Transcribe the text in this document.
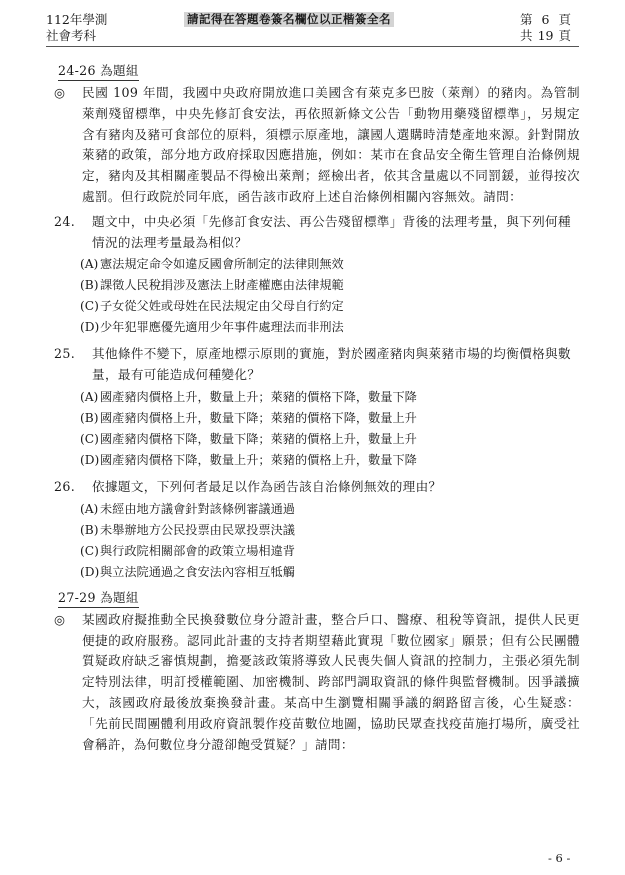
112年學測
社會考科
請記得在答題卷簽名欄位以正楷簽全名	第 6 頁
共 19 頁
24-26 為題組
◎ 民國 109 年間，我國中央政府開放進口美國含有萊克多巴胺（萊劑）的豬肉。為管制萊劑殘留標準，中央先修訂食安法，再依照新條文公告「動物用藥殘留標準」，另規定含有豬肉及豬可食部位的原料，須標示原產地，讓國人選購時清楚產地來源。針對開放萊豬的政策，部分地方政府採取因應措施，例如：某市在食品安全衛生管理自治條例規定，豬肉及其相關產製品不得檢出萊劑；經檢出者，依其含量處以不同罰鍰，並得按次處罰。但行政院於同年底，函告該市政府上述自治條例相關內容無效。請問：
24. 題文中，中央必須「先修訂食安法、再公告殘留標準」背後的法理考量，與下列何種情況的法理考量最為相似？
(A) 憲法規定命令如違反國會所制定的法律則無效
(B) 課徵人民稅捐涉及憲法上財產權應由法律規範
(C)子女從父姓或母姓在民法規定由父母自行約定
(D)少年犯罪應優先適用少年事件處理法而非刑法
25. 其他條件不變下，原產地標示原則的實施，對於國產豬肉與萊豬市場的均衡價格與數量，最有可能造成何種變化？
(A) 國產豬肉價格上升，數量上升；萊豬的價格下降，數量下降
(B) 國產豬肉價格上升，數量下降；萊豬的價格下降，數量上升
(C)國產豬肉價格下降，數量下降；萊豬的價格上升，數量上升
(D)國產豬肉價格下降，數量上升；萊豬的價格上升，數量下降
26. 依據題文，下列何者最足以作為函告該自治條例無效的理由？
(A) 未經由地方議會針對該條例審議通過
(B) 未舉辦地方公民投票由民眾投票決議
(C)與行政院相關部會的政策立場相違背
(D)與立法院通過之食安法內容相互牴觸
27-29 為題組
◎ 某國政府擬推動全民換發數位身分證計畫，整合戶口、醫療、租稅等資訊，提供人民更便捷的政府服務。認同此計畫的支持者期望藉此實現「數位國家」願景；但有公民團體質疑政府缺乏審慎規劃，擔憂該政策將導致人民喪失個人資訊的控制力，主張必須先制定特別法律，明訂授權範圍、加密機制、跨部門調取資訊的條件與監督機制。因爭議擴大，該國政府最後放棄換發計畫。某高中生瀏覽相關爭議的網路留言後，心生疑惑：「先前民間團體利用政府資訊製作疫苗數位地圖，協助民眾查找疫苗施打場所，廣受社會稱許，為何數位身分證卻飽受質疑？」請問：
- 6 -
